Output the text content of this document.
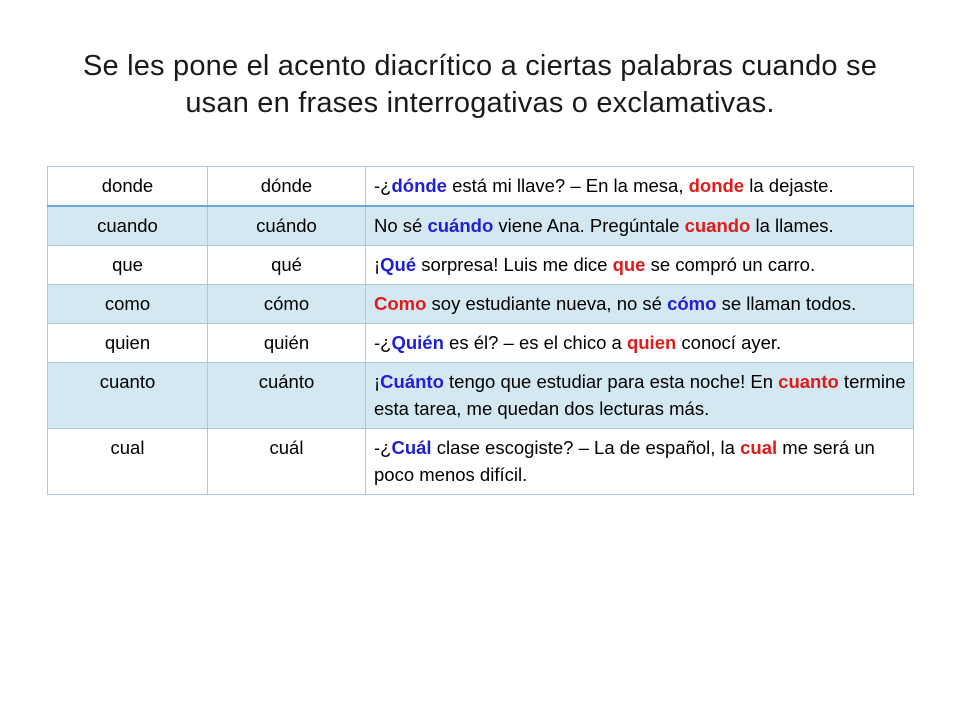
Se les pone el acento diacrítico a ciertas palabras cuando se
usan en frases interrogativas o exclamativas.
donde	dónde	-¿dónde está mi llave? – En la mesa, donde la dejaste.
cuando	cuándo	No sé cuándo viene Ana. Pregúntale cuando la llames.
que	qué	¡Qué sorpresa! Luis me dice que se compró un carro.
como	cómo	Como soy estudiante nueva, no sé cómo se llaman todos.
quien	quién	-¿Quién es él? – es el chico a quien conocí ayer.
cuanto	cuánto	¡Cuánto tengo que estudiar para esta noche! En cuanto termine esta tarea, me quedan dos lecturas más.
cual	cuál	-¿Cuál clase escogiste? – La de español, la cual me será un poco menos difícil.
